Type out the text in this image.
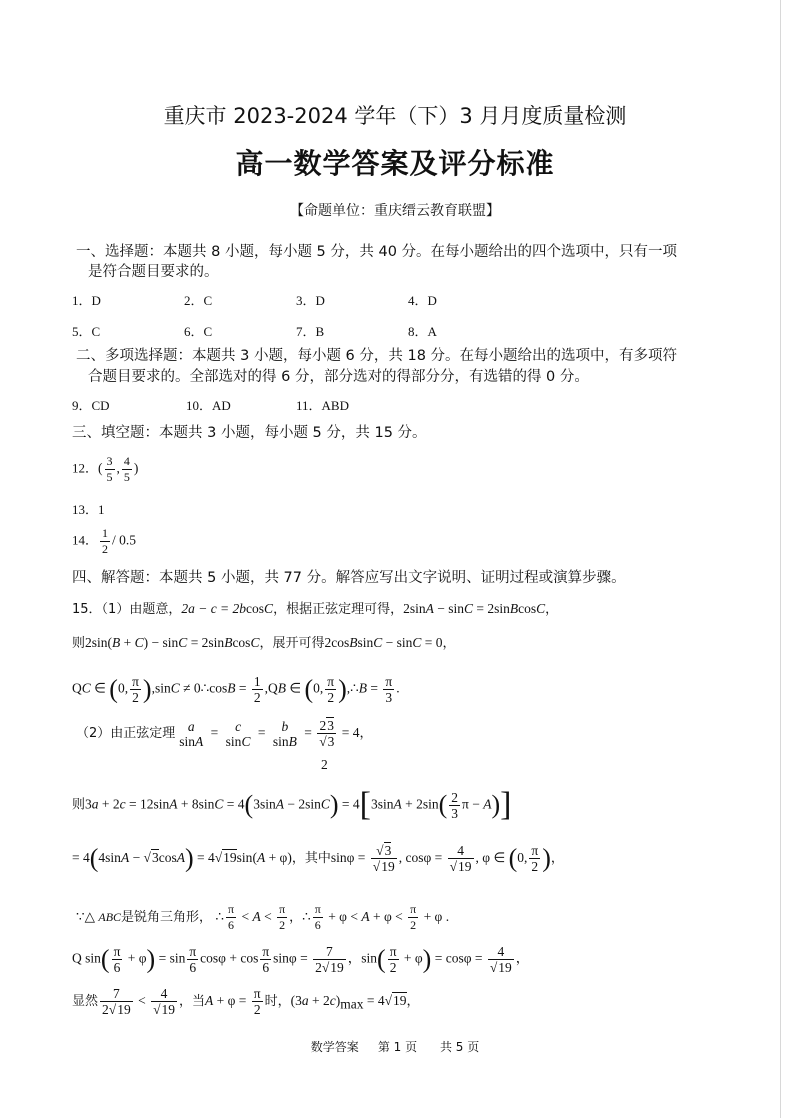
重庆市 2023-2024 学年（下）3 月月度质量检测
高一数学答案及评分标准
【命题单位：重庆缙云教育联盟】
一、选择题：本题共 8 小题，每小题 5 分，共 40 分。在每小题给出的四个选项中，只有一项
是符合题目要求的。
1．D	2．C	3．D	4．D
5．C	6．C	7．B	8．A
二、多项选择题：本题共 3 小题，每小题 6 分，共 18 分。在每小题给出的选项中，有多项符
合题目要求的。全部选对的得 6 分，部分选对的得部分分，有选错的得 0 分。
9．CD	10．AD	11．ABD
三、填空题：本题共 3 小题，每小题 5 分，共 15 分。
12．( $\frac{3}{5}$ , $\frac{4}{5}$ )
13．1
14． $\frac{1}{2} / 0.5$
四、解答题：本题共 5 小题，共 77 分。解答应写出文字说明、证明过程或演算步骤。
15．（1）由题意，2a − c = 2bcosC，根据正弦定理可得，2sinA − sinC = 2sinBcosC，
则2sin(B + C) − sinC = 2sinBcosC，展开可得2cosBsinC − sinC = 0，
QC ∈ (0, $\frac{\pi}{2} ),\sin C$ ≠ 0∴cosB = $\frac{1}{2} ,QB$ ∈ (0, $\frac{\pi}{2}$ ),∴B = $\frac{\pi}{3}$ .
（2）由正弦定理 a
sinA
= c
sinC
= b
sinB
= $\frac{23}{√3} = 4$，
2
则$3a + 2c = 12\sin A + 8\sin C = 4(3\sin A - 2\sin C) = 4[3\sin A + 2\sin( \frac{2}{3}$ π − A)]
= 4(4sinA − √3cosA) = 4√19sin(A + φ)，其中$\sin\varphi = \frac{√3}{√19}$ , $\cos\varphi = \frac{4}{√19}$ , φ ∈ (0, $\frac{\pi}{2}$ )，
∵△ ABC是锐角三角形， ∴ $\frac{\pi}{6} < A < \frac{\pi}{2}$ ，∴ $\frac{\pi}{6} + \varphi < A + \varphi < \frac{\pi}{2} + \varphi$ .
Q $\sin( \frac{\pi}{6} + \varphi) = \sin \frac{\pi}{6}$ $\cos\varphi + \cos \frac{\pi}{6}$ $\sin\varphi = \frac{7}{2√19}$ ，$\sin( \frac{\pi}{2} + \varphi) = \cos\varphi = \frac{4}{√19}$ ，
显然 $\frac{7}{2√19} < \frac{4}{√19}$ ，当$A + \varphi = \frac{\pi}{2}$ 时，$(3a + 2c)_{max} = 4√19$，
数学答案 第 1 页 共 5 页
